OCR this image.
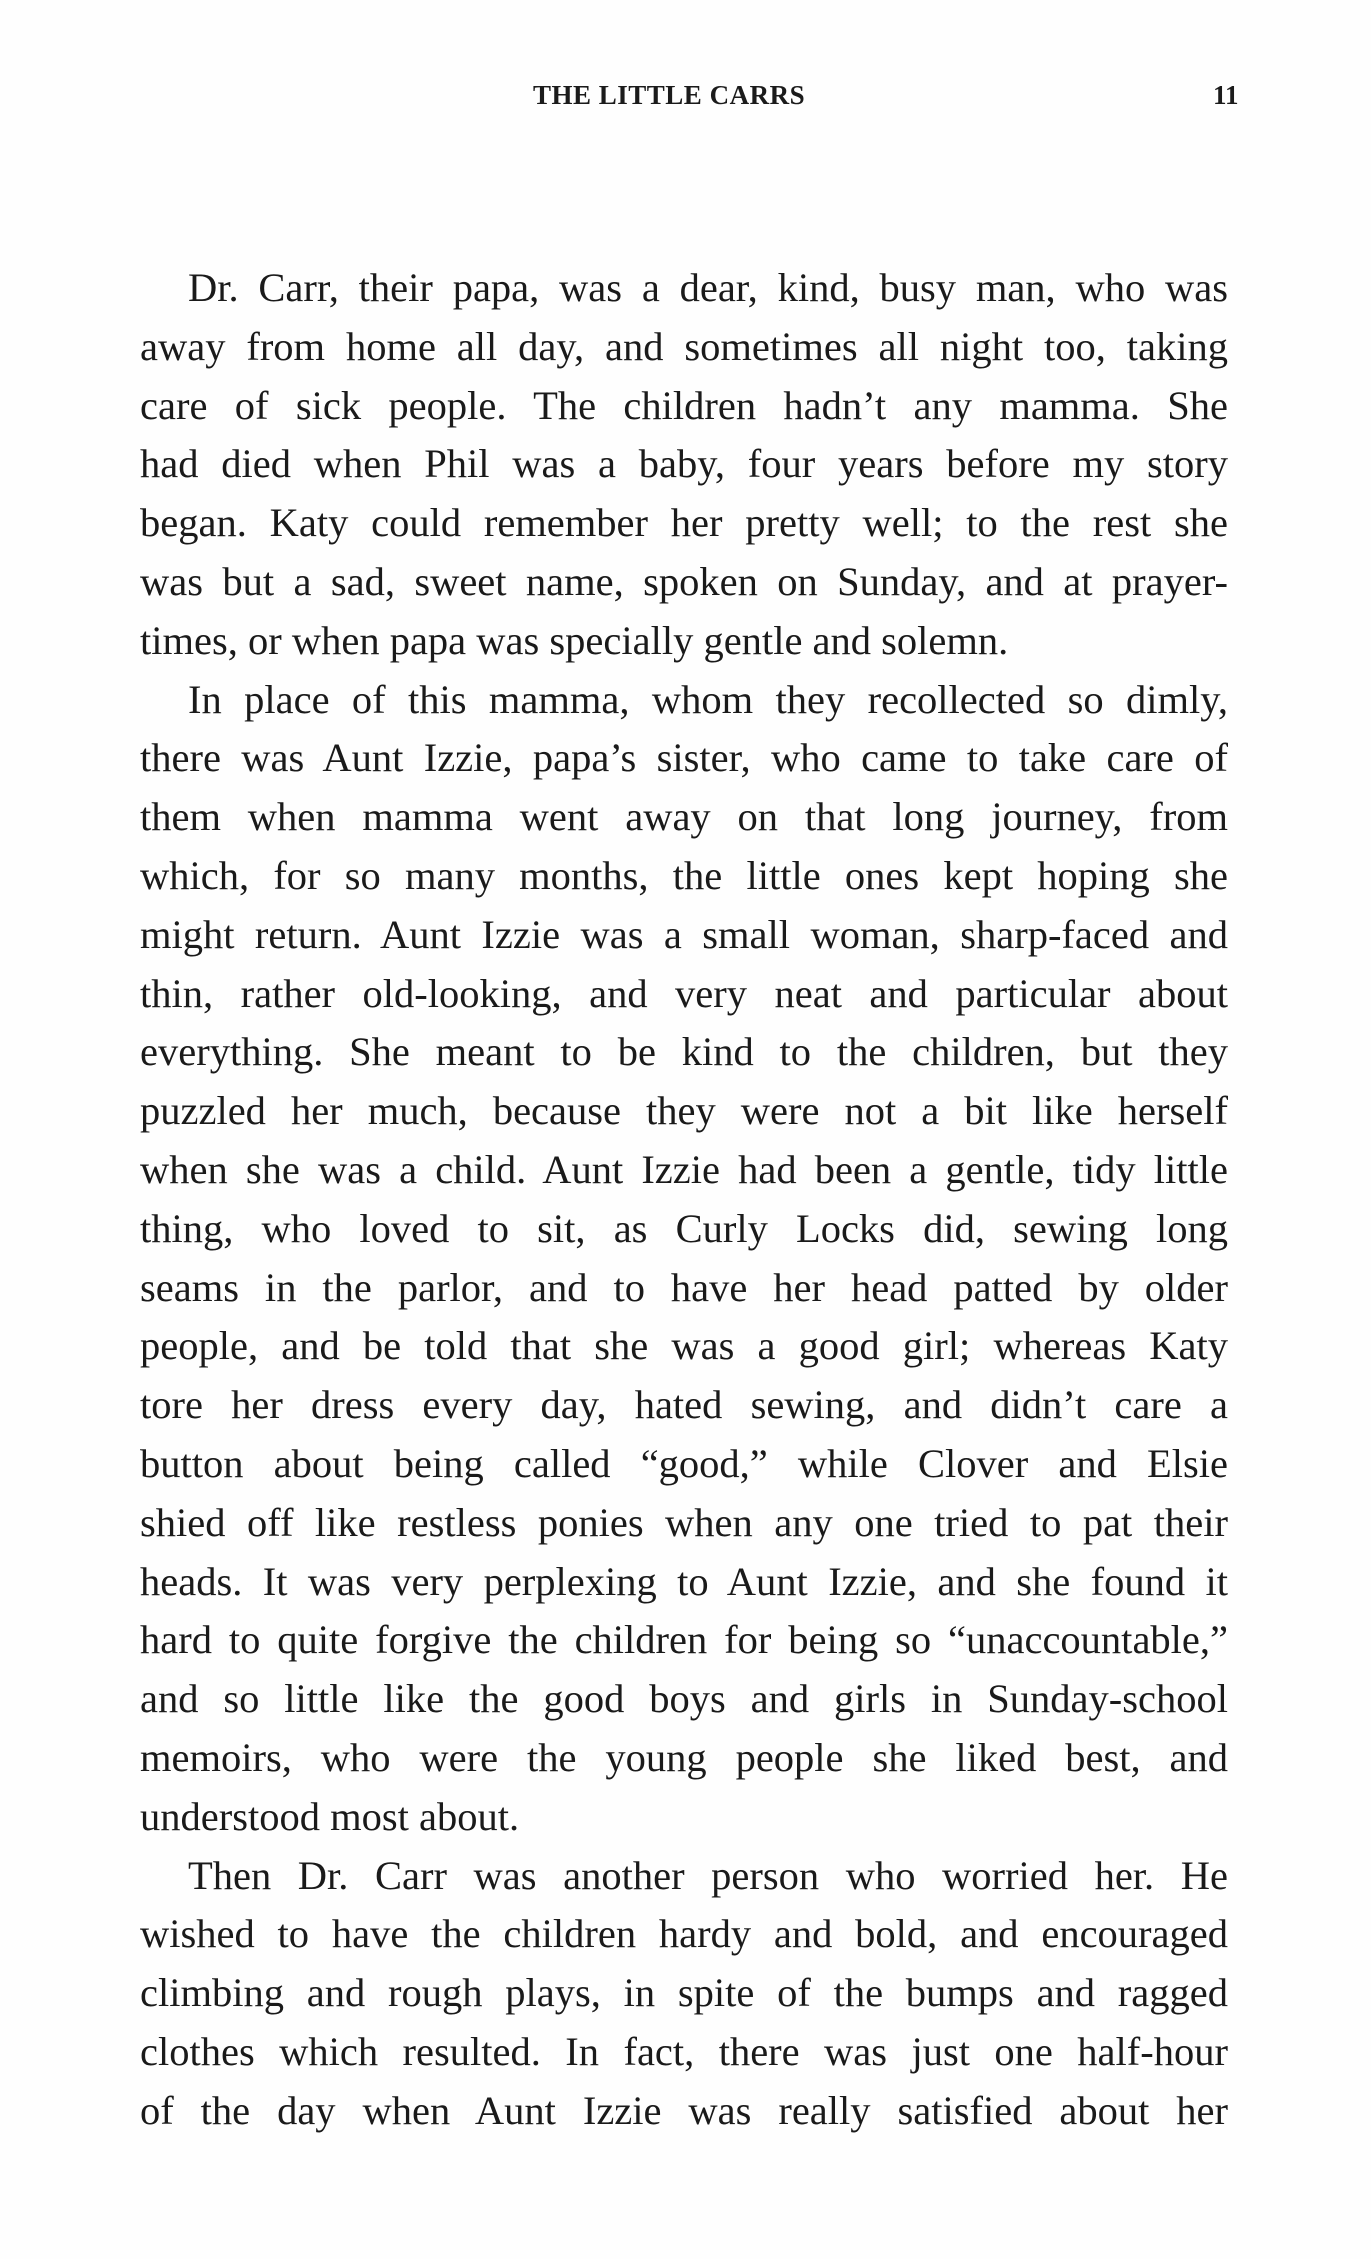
THE LITTLE CARRS	11
Dr. Carr, their papa, was a dear, kind, busy man, who was
away from home all day, and sometimes all night too, taking
care of sick people. The children hadn’t any mamma. She
had died when Phil was a baby, four years before my story
began. Katy could remember her pretty well; to the rest she
was but a sad, sweet name, spoken on Sunday, and at prayer-
times, or when papa was specially gentle and solemn.
In place of this mamma, whom they recollected so dimly,
there was Aunt Izzie, papa’s sister, who came to take care of
them when mamma went away on that long journey, from
which, for so many months, the little ones kept hoping she
might return. Aunt Izzie was a small woman, sharp-faced and
thin, rather old-looking, and very neat and particular about
everything. She meant to be kind to the children, but they
puzzled her much, because they were not a bit like herself
when she was a child. Aunt Izzie had been a gentle, tidy little
thing, who loved to sit, as Curly Locks did, sewing long
seams in the parlor, and to have her head patted by older
people, and be told that she was a good girl; whereas Katy
tore her dress every day, hated sewing, and didn’t care a
button about being called “good,” while Clover and Elsie
shied off like restless ponies when any one tried to pat their
heads. It was very perplexing to Aunt Izzie, and she found it
hard to quite forgive the children for being so “unaccountable,”
and so little like the good boys and girls in Sunday-school
memoirs, who were the young people she liked best, and
understood most about.
Then Dr. Carr was another person who worried her. He
wished to have the children hardy and bold, and encouraged
climbing and rough plays, in spite of the bumps and ragged
clothes which resulted. In fact, there was just one half-hour
of the day when Aunt Izzie was really satisfied about her
